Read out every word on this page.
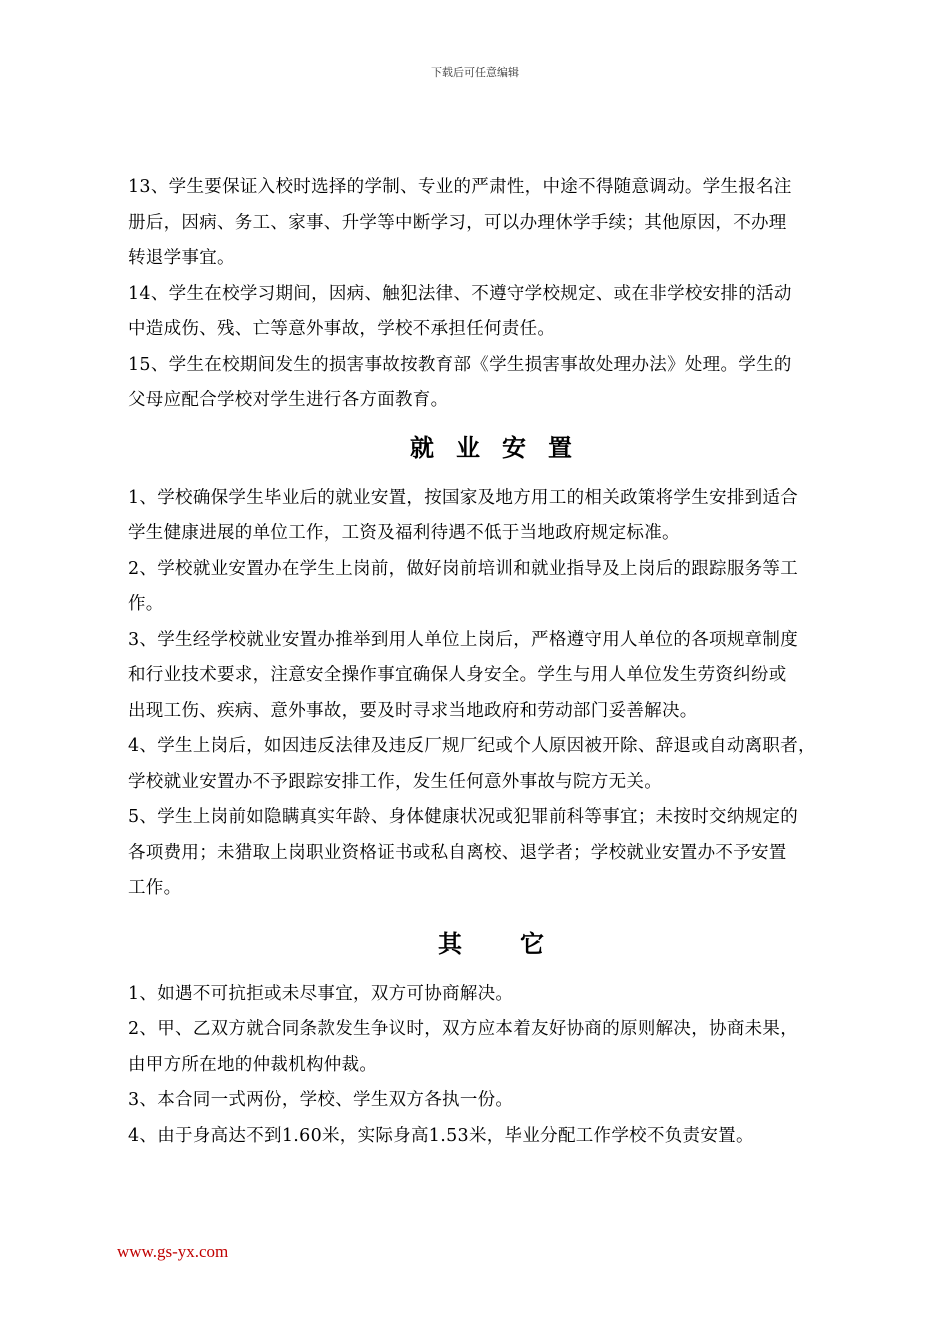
下载后可任意编辑

13、学生要保证入校时选择的学制、专业的严肃性，中途不得随意调动。学生报名注
册后，因病、务工、家事、升学等中断学习，可以办理休学手续；其他原因，不办理
转退学事宜。

14、学生在校学习期间，因病、触犯法律、不遵守学校规定、或在非学校安排的活动
中造成伤、残、亡等意外事故，学校不承担任何责任。

15、学生在校期间发生的损害事故按教育部《学生损害事故处理办法》处理。学生的
父母应配合学校对学生进行各方面教育。

就业安置

1、学校确保学生毕业后的就业安置，按国家及地方用工的相关政策将学生安排到适合
学生健康进展的单位工作，工资及福利待遇不低于当地政府规定标准。

2、学校就业安置办在学生上岗前，做好岗前培训和就业指导及上岗后的跟踪服务等工
作。

3、学生经学校就业安置办推举到用人单位上岗后，严格遵守用人单位的各项规章制度
和行业技术要求，注意安全操作事宜确保人身安全。学生与用人单位发生劳资纠纷或
出现工伤、疾病、意外事故，要及时寻求当地政府和劳动部门妥善解决。

4、学生上岗后，如因违反法律及违反厂规厂纪或个人原因被开除、辞退或自动离职者，
学校就业安置办不予跟踪安排工作，发生任何意外事故与院方无关。

5、学生上岗前如隐瞒真实年龄、身体健康状况或犯罪前科等事宜；未按时交纳规定的
各项费用；未猎取上岗职业资格证书或私自离校、退学者；学校就业安置办不予安置
工作。

其它

1、如遇不可抗拒或未尽事宜，双方可协商解决。

2、甲、乙双方就合同条款发生争议时，双方应本着友好协商的原则解决，协商未果，
由甲方所在地的仲裁机构仲裁。

3、本合同一式两份，学校、学生双方各执一份。

4、由于身高达不到1.60米，实际身高1.53米，毕业分配工作学校不负责安置。

www.gs-yx.com
